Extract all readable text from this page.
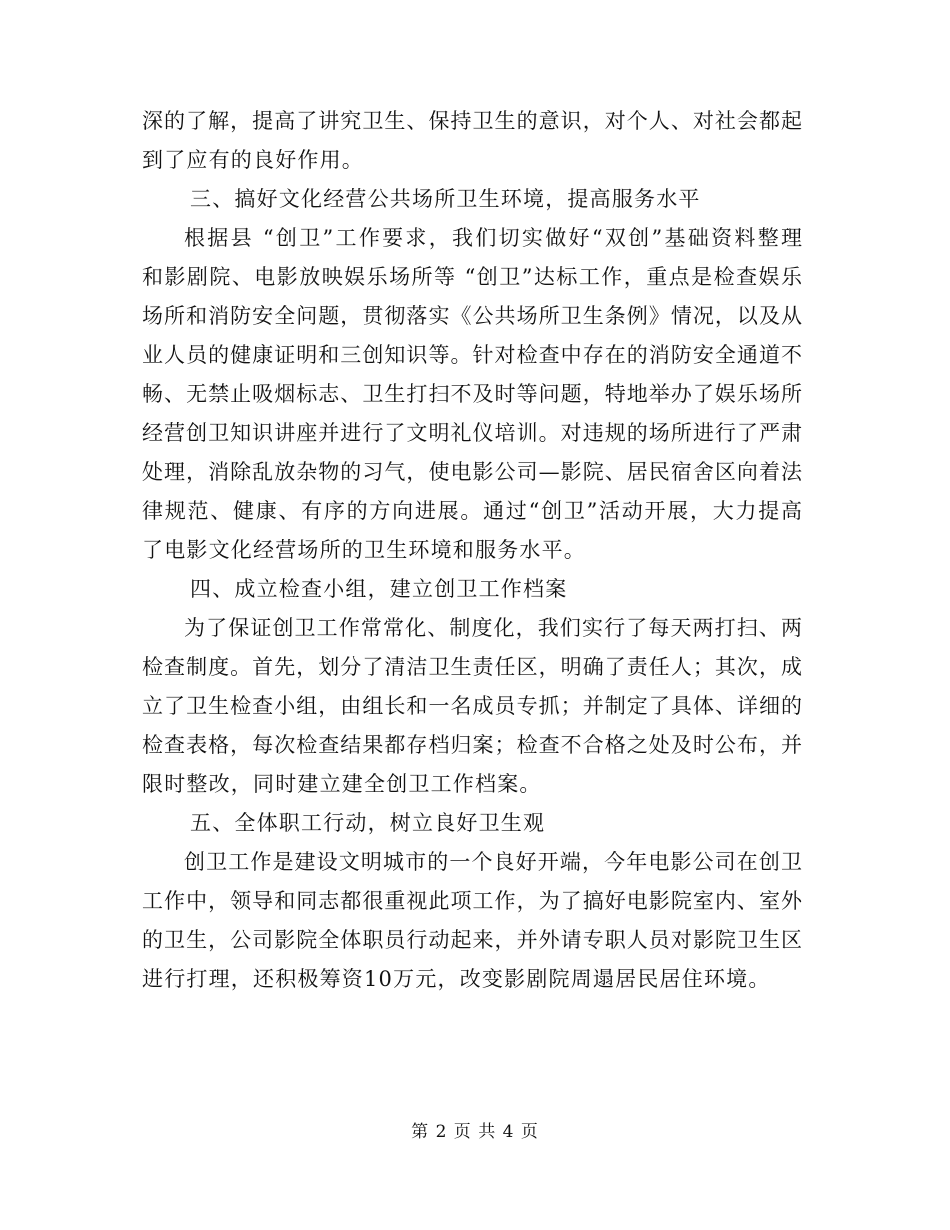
深的了解，提高了讲究卫生、保持卫生的意识，对个人、对社会都起
到了应有的良好作用。
三、搞好文化经营公共场所卫生环境，提高服务水平
根据县 “创卫”工作要求，我们切实做好“双创”基础资料整理
和影剧院、电影放映娱乐场所等 “创卫”达标工作，重点是检查娱乐
场所和消防安全问题，贯彻落实《公共场所卫生条例》情况，以及从
业人员的健康证明和三创知识等。针对检查中存在的消防安全通道不
畅、无禁止吸烟标志、卫生打扫不及时等问题，特地举办了娱乐场所
经营创卫知识讲座并进行了文明礼仪培训。对违规的场所进行了严肃
处理，消除乱放杂物的习气，使电影公司—影院、居民宿舍区向着法
律规范、健康、有序的方向进展。通过“创卫”活动开展，大力提高
了电影文化经营场所的卫生环境和服务水平。
四、成立检查小组，建立创卫工作档案
为了保证创卫工作常常化、制度化，我们实行了每天两打扫、两
检查制度。首先，划分了清洁卫生责任区，明确了责任人；其次，成
立了卫生检查小组，由组长和一名成员专抓；并制定了具体、详细的
检查表格，每次检查结果都存档归案；检查不合格之处及时公布，并
限时整改，同时建立建全创卫工作档案。
五、全体职工行动，树立良好卫生观
创卫工作是建设文明城市的一个良好开端，今年电影公司在创卫
工作中，领导和同志都很重视此项工作，为了搞好电影院室内、室外
的卫生，公司影院全体职员行动起来，并外请专职人员对影院卫生区
进行打理，还积极筹资10万元，改变影剧院周遢居民居住环境。
第 2 页 共 4 页
